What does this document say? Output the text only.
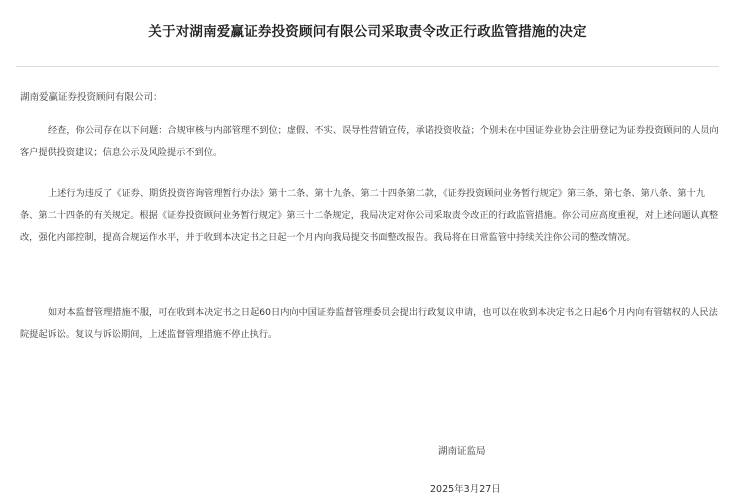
关于对湖南爱赢证券投资顾问有限公司采取责令改正行政监管措施的决定
湖南爱赢证券投资顾问有限公司：

经查，你公司存在以下问题：合规审核与内部管理不到位；虚假、不实、误导性营销宣传，承诺投资收益；个别未在中国证券业协会注册登记为证券投资顾问的人员向客户提供投资建议；信息公示及风险提示不到位。

上述行为违反了《证券、期货投资咨询管理暂行办法》第十二条、第十九条、第二十四条第二款，《证券投资顾问业务暂行规定》第三条、第七条、第八条、第十九条、第二十四条的有关规定。根据《证券投资顾问业务暂行规定》第三十二条规定，我局决定对你公司采取责令改正的行政监管措施。你公司应高度重视，对上述问题认真整改，强化内部控制，提高合规运作水平，并于收到本决定书之日起一个月内向我局提交书面整改报告。我局将在日常监管中持续关注你公司的整改情况。

如对本监督管理措施不服，可在收到本决定书之日起60日内向中国证券监督管理委员会提出行政复议申请，也可以在收到本决定书之日起6个月内向有管辖权的人民法院提起诉讼。复议与诉讼期间，上述监督管理措施不停止执行。

湖南证监局
2025年3月27日
